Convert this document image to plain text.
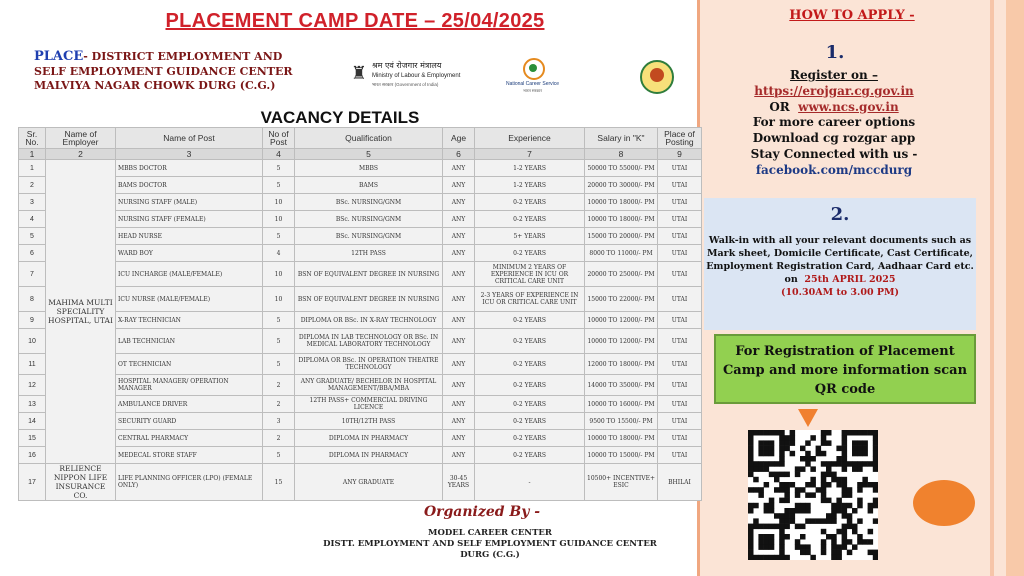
PLACEMENT CAMP DATE – 25/04/2025
PLACE- DISTRICT EMPLOYMENT AND
SELF EMPLOYMENT GUIDANCE CENTER
MALVIYA NAGAR CHOWK DURG (C.G.)
♜ श्रम एवं रोजगार मंत्रालय
Ministry of Labour & Employment
भारत सरकार (Government of India)	National Career Service
भारत सरकार
VACANCY DETAILS
Sr. No.	Name of Employer	Name of Post	No of Post	Qualification	Age	Experience	Salary in "K"	Place of Posting
1	2	3	4	5	6	7	8	9
1	MAHIMA MULTI SPECIALITY HOSPITAL, UTAI	MBBS DOCTOR	5	MBBS	ANY	1-2 YEARS	50000 TO 55000/- PM	UTAI
2		BAMS DOCTOR	5	BAMS	ANY	1-2 YEARS	20000 TO 30000/- PM	UTAI
3		NURSING STAFF (MALE)	10	BSc. NURSING/GNM	ANY	0-2 YEARS	10000 TO 18000/- PM	UTAI
4		NURSING STAFF (FEMALE)	10	BSc. NURSING/GNM	ANY	0-2 YEARS	10000 TO 18000/- PM	UTAI
5		HEAD NURSE	5	BSc. NURSING/GNM	ANY	5+ YEARS	15000 TO 20000/- PM	UTAI
6		WARD BOY	4	12TH PASS	ANY	0-2 YEARS	8000 TO 11000/- PM	UTAI
7		ICU INCHARGE (MALE/FEMALE)	10	BSN OF EQUIVALENT DEGREE IN NURSING	ANY	MINIMUM 2 YEARS OF EXPERIENCE IN ICU OR CRITICAL CARE UNIT	20000 TO 25000/- PM	UTAI
8		ICU NURSE (MALE/FEMALE)	10	BSN OF EQUIVALENT DEGREE IN NURSING	ANY	2-3 YEARS OF EXPERIENCE IN ICU OR CRITICAL CARE UNIT	15000 TO 22000/- PM	UTAI
9		X-RAY TECHNICIAN	5	DIPLOMA OR BSc. IN X-RAY TECHNOLOGY	ANY	0-2 YEARS	10000 TO 12000/- PM	UTAI
10		LAB TECHNICIAN	5	DIPLOMA IN LAB TECHNOLOGY OR BSc. IN MEDICAL LABORATORY TECHNOLOGY	ANY	0-2 YEARS	10000 TO 12000/- PM	UTAI
11		OT TECHNICIAN	5	DIPLOMA OR BSc. IN OPERATION THEATRE TECHNOLOGY	ANY	0-2 YEARS	12000 TO 18000/- PM	UTAI
12		HOSPITAL MANAGER/ OPERATION MANAGER	2	ANY GRADUATE/ BECHELOR IN HOSPITAL MANAGEMENT/BBA/MBA	ANY	0-2 YEARS	14000 TO 35000/- PM	UTAI
13		AMBULANCE DRIVER	2	12TH PASS+ COMMERCIAL DRIVING LICENCE	ANY	0-2 YEARS	10000 TO 16000/- PM	UTAI
14		SECURITY GUARD	3	10TH/12TH PASS	ANY	0-2 YEARS	9500 TO 15500/- PM	UTAI
15		CENTRAL PHARMACY	2	DIPLOMA IN PHARMACY	ANY	0-2 YEARS	10000 TO 18000/- PM	UTAI
16		MEDECAL STORE STAFF	5	DIPLOMA IN PHARMACY	ANY	0-2 YEARS	10000 TO 15000/- PM	UTAI
17	RELIENCE NIPPON LIFE INSURANCE CO.	LIFE PLANNING OFFICER (LPO) (FEMALE ONLY)	15	ANY GRADUATE	30-45 YEARS	-	10500+ INCENTIVE+ ESIC	BHILAI
Organized By -
MODEL CAREER CENTER
DISTT. EMPLOYMENT AND SELF EMPLOYMENT GUIDANCE CENTER
DURG (C.G.)
HOW TO APPLY -
1.
Register on –
https://erojgar.cg.gov.in
OR www.ncs.gov.in
For more career options
Download cg rozgar app
Stay Connected with us -
facebook.com/mccdurg
2.
Walk-in with all your relevant documents such as Mark sheet, Domicile Certificate, Cast Certificate, Employment Registration Card, Aadhaar Card etc. on 25th APRIL 2025
(10.30AM to 3.00 PM)
For Registration of Placement Camp and more information scan QR code
